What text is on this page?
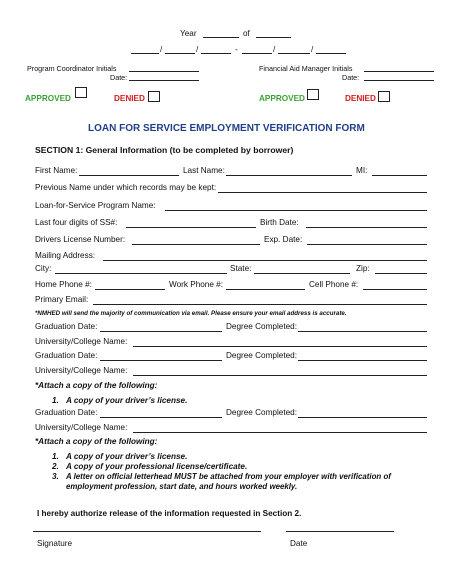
Year	of
/	/	-	/	/
Program Coordinator Initials
Date:
Financial Aid Manager Initials
Date:
APPROVED	DENIED	APPROVED	DENIED
LOAN FOR SERVICE EMPLOYMENT VERIFICATION FORM
SECTION 1: General Information (to be completed by borrower)
First Name:	Last Name:	MI:
Previous Name under which records may be kept:
Loan-for-Service Program Name:
Last four digits of SS#:	Birth Date:
Drivers License Number:	Exp. Date:
Mailing Address:
City:	State:	Zip:
Home Phone #:	Work Phone #:	Cell Phone #:
Primary Email:
*NMHED will send the majority of communication via email. Please ensure your email address is accurate.
Graduation Date:	Degree Completed:
University/College Name:
Graduation Date:	Degree Completed:
University/College Name:
*Attach a copy of the following:
1. A copy of your driver’s license.
Graduation Date:	Degree Completed:
University/College Name:
*Attach a copy of the following:
1. A copy of your driver’s license.
2. A copy of your professional license/certificate.
3. A letter on official letterhead MUST be attached from your employer with verification of
employment profession, start date, and hours worked weekly.
I hereby authorize release of the information requested in Section 2.
Signature	Date
